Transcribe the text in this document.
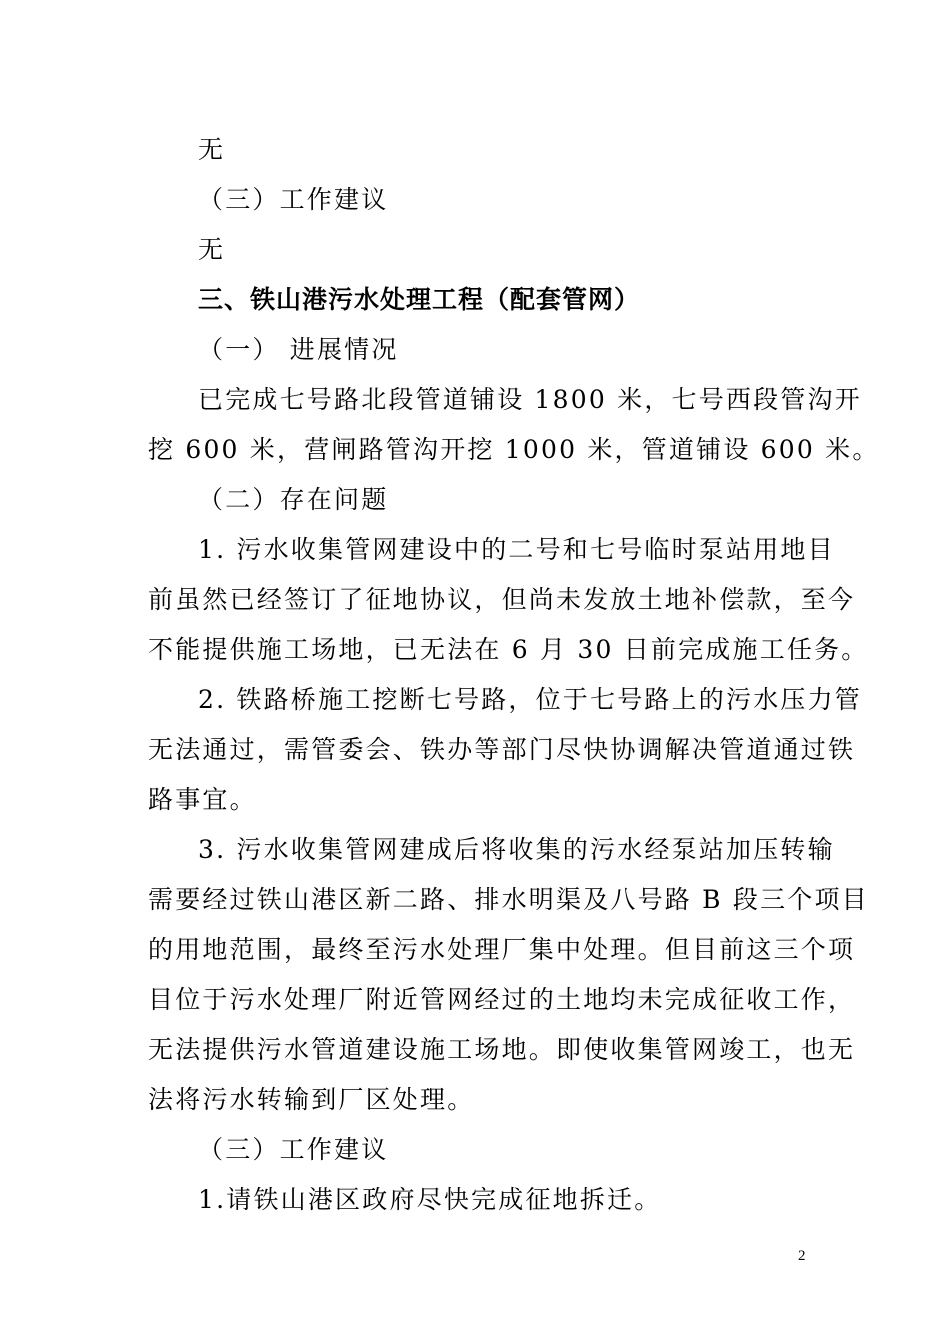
无
（三）工作建议
无
三、铁山港污水处理工程（配套管网）
（一） 进展情况
已完成七号路北段管道铺设 1800 米，七号西段管沟开
挖 600 米，营闸路管沟开挖 1000 米，管道铺设 600 米。
（二）存在问题
1. 污水收集管网建设中的二号和七号临时泵站用地目
前虽然已经签订了征地协议，但尚未发放土地补偿款，至今
不能提供施工场地，已无法在 6 月 30 日前完成施工任务。
2. 铁路桥施工挖断七号路，位于七号路上的污水压力管
无法通过，需管委会、铁办等部门尽快协调解决管道通过铁
路事宜。
3. 污水收集管网建成后将收集的污水经泵站加压转输
需要经过铁山港区新二路、排水明渠及八号路 B 段三个项目
的用地范围，最终至污水处理厂集中处理。但目前这三个项
目位于污水处理厂附近管网经过的土地均未完成征收工作，
无法提供污水管道建设施工场地。即使收集管网竣工，也无
法将污水转输到厂区处理。
（三）工作建议
1.请铁山港区政府尽快完成征地拆迁。
2
